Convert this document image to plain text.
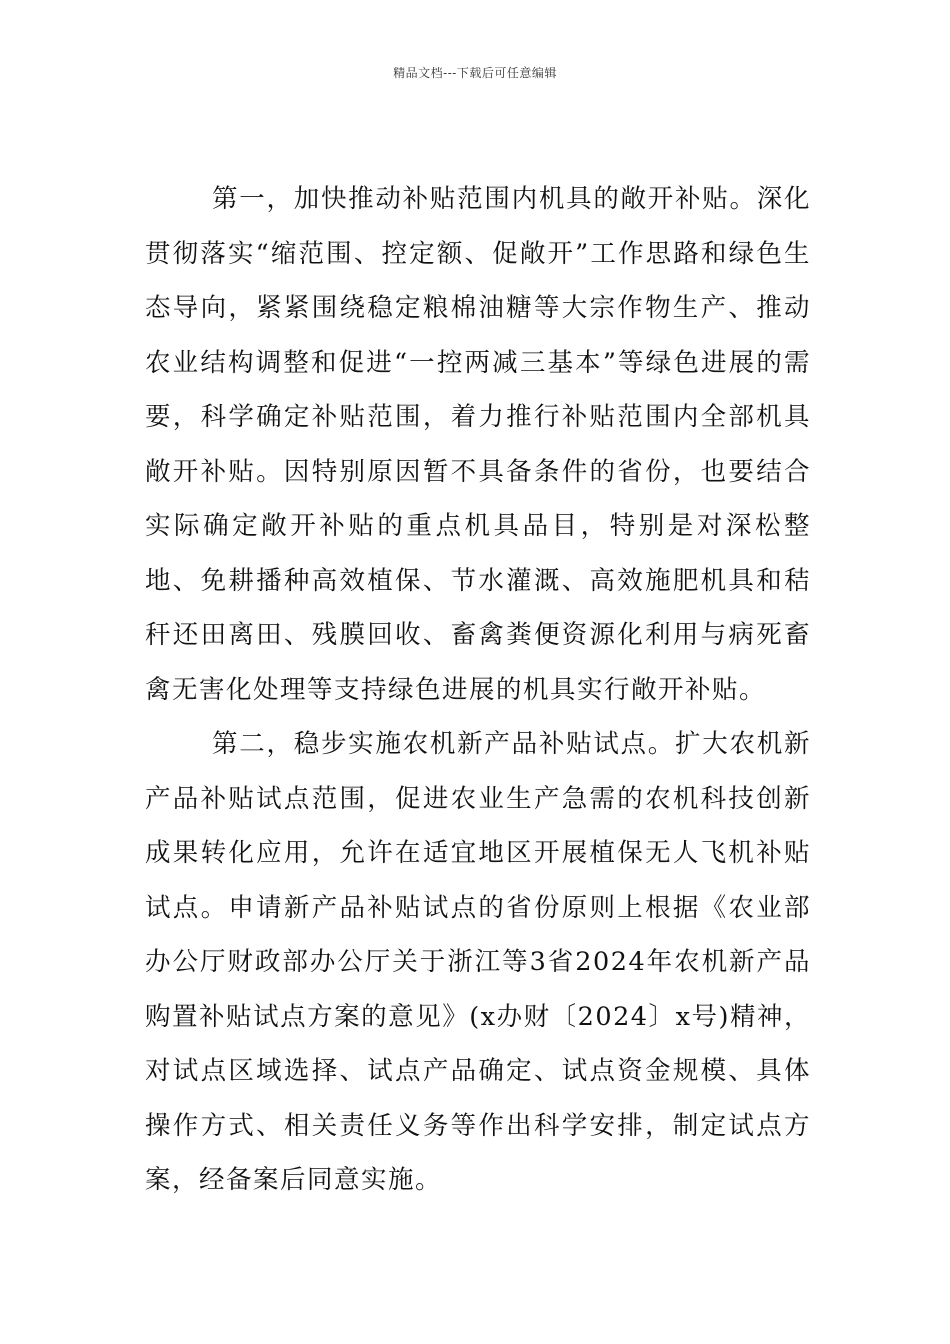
精品文档---下载后可任意编辑

第一，加快推动补贴范围内机具的敞开补贴。深化贯彻落实“缩范围、控定额、促敞开”工作思路和绿色生态导向，紧紧围绕稳定粮棉油糖等大宗作物生产、推动农业结构调整和促进“一控两减三基本”等绿色进展的需要，科学确定补贴范围，着力推行补贴范围内全部机具敞开补贴。因特别原因暂不具备条件的省份，也要结合实际确定敞开补贴的重点机具品目，特别是对深松整地、免耕播种高效植保、节水灌溉、高效施肥机具和秸秆还田离田、残膜回收、畜禽粪便资源化利用与病死畜禽无害化处理等支持绿色进展的机具实行敞开补贴。

第二，稳步实施农机新产品补贴试点。扩大农机新产品补贴试点范围，促进农业生产急需的农机科技创新成果转化应用，允许在适宜地区开展植保无人飞机补贴试点。申请新产品补贴试点的省份原则上根据《农业部办公厅财政部办公厅关于浙江等3省2024年农机新产品购置补贴试点方案的意见》(x办财〔2024〕x号)精神，对试点区域选择、试点产品确定、试点资金规模、具体操作方式、相关责任义务等作出科学安排，制定试点方案，经备案后同意实施。
